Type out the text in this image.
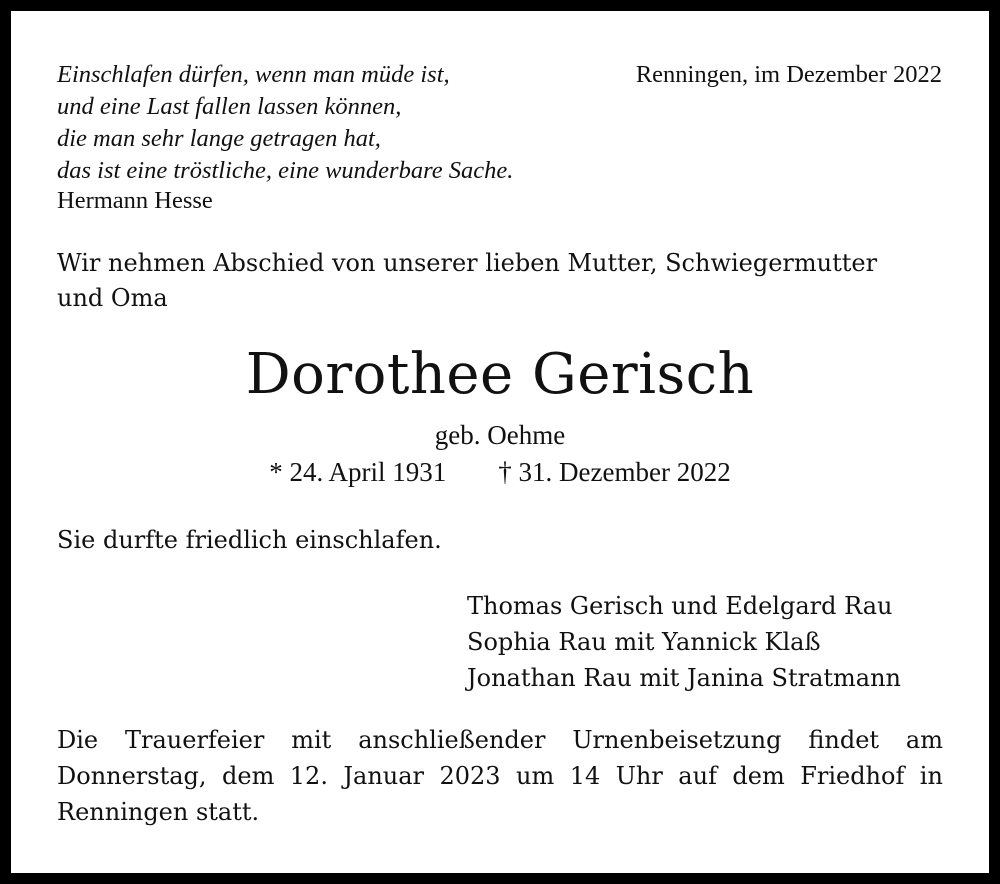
Einschlafen dürfen, wenn man müde ist,
und eine Last fallen lassen können,
die man sehr lange getragen hat,
das ist eine tröstliche, eine wunderbare Sache.
Hermann Hesse
Renningen, im Dezember 2022
Wir nehmen Abschied von unserer lieben Mutter, Schwiegermutter
und Oma
Dorothee Gerisch
geb. Oehme
* 24. April 1931 † 31. Dezember 2022
Sie durfte friedlich einschlafen.
Thomas Gerisch und Edelgard Rau
Sophia Rau mit Yannick Klaß
Jonathan Rau mit Janina Stratmann
Die Trauerfeier mit anschließender Urnenbeisetzung findet am
Donnerstag, dem 12. Januar 2023 um 14 Uhr auf dem Friedhof in
Renningen statt.
